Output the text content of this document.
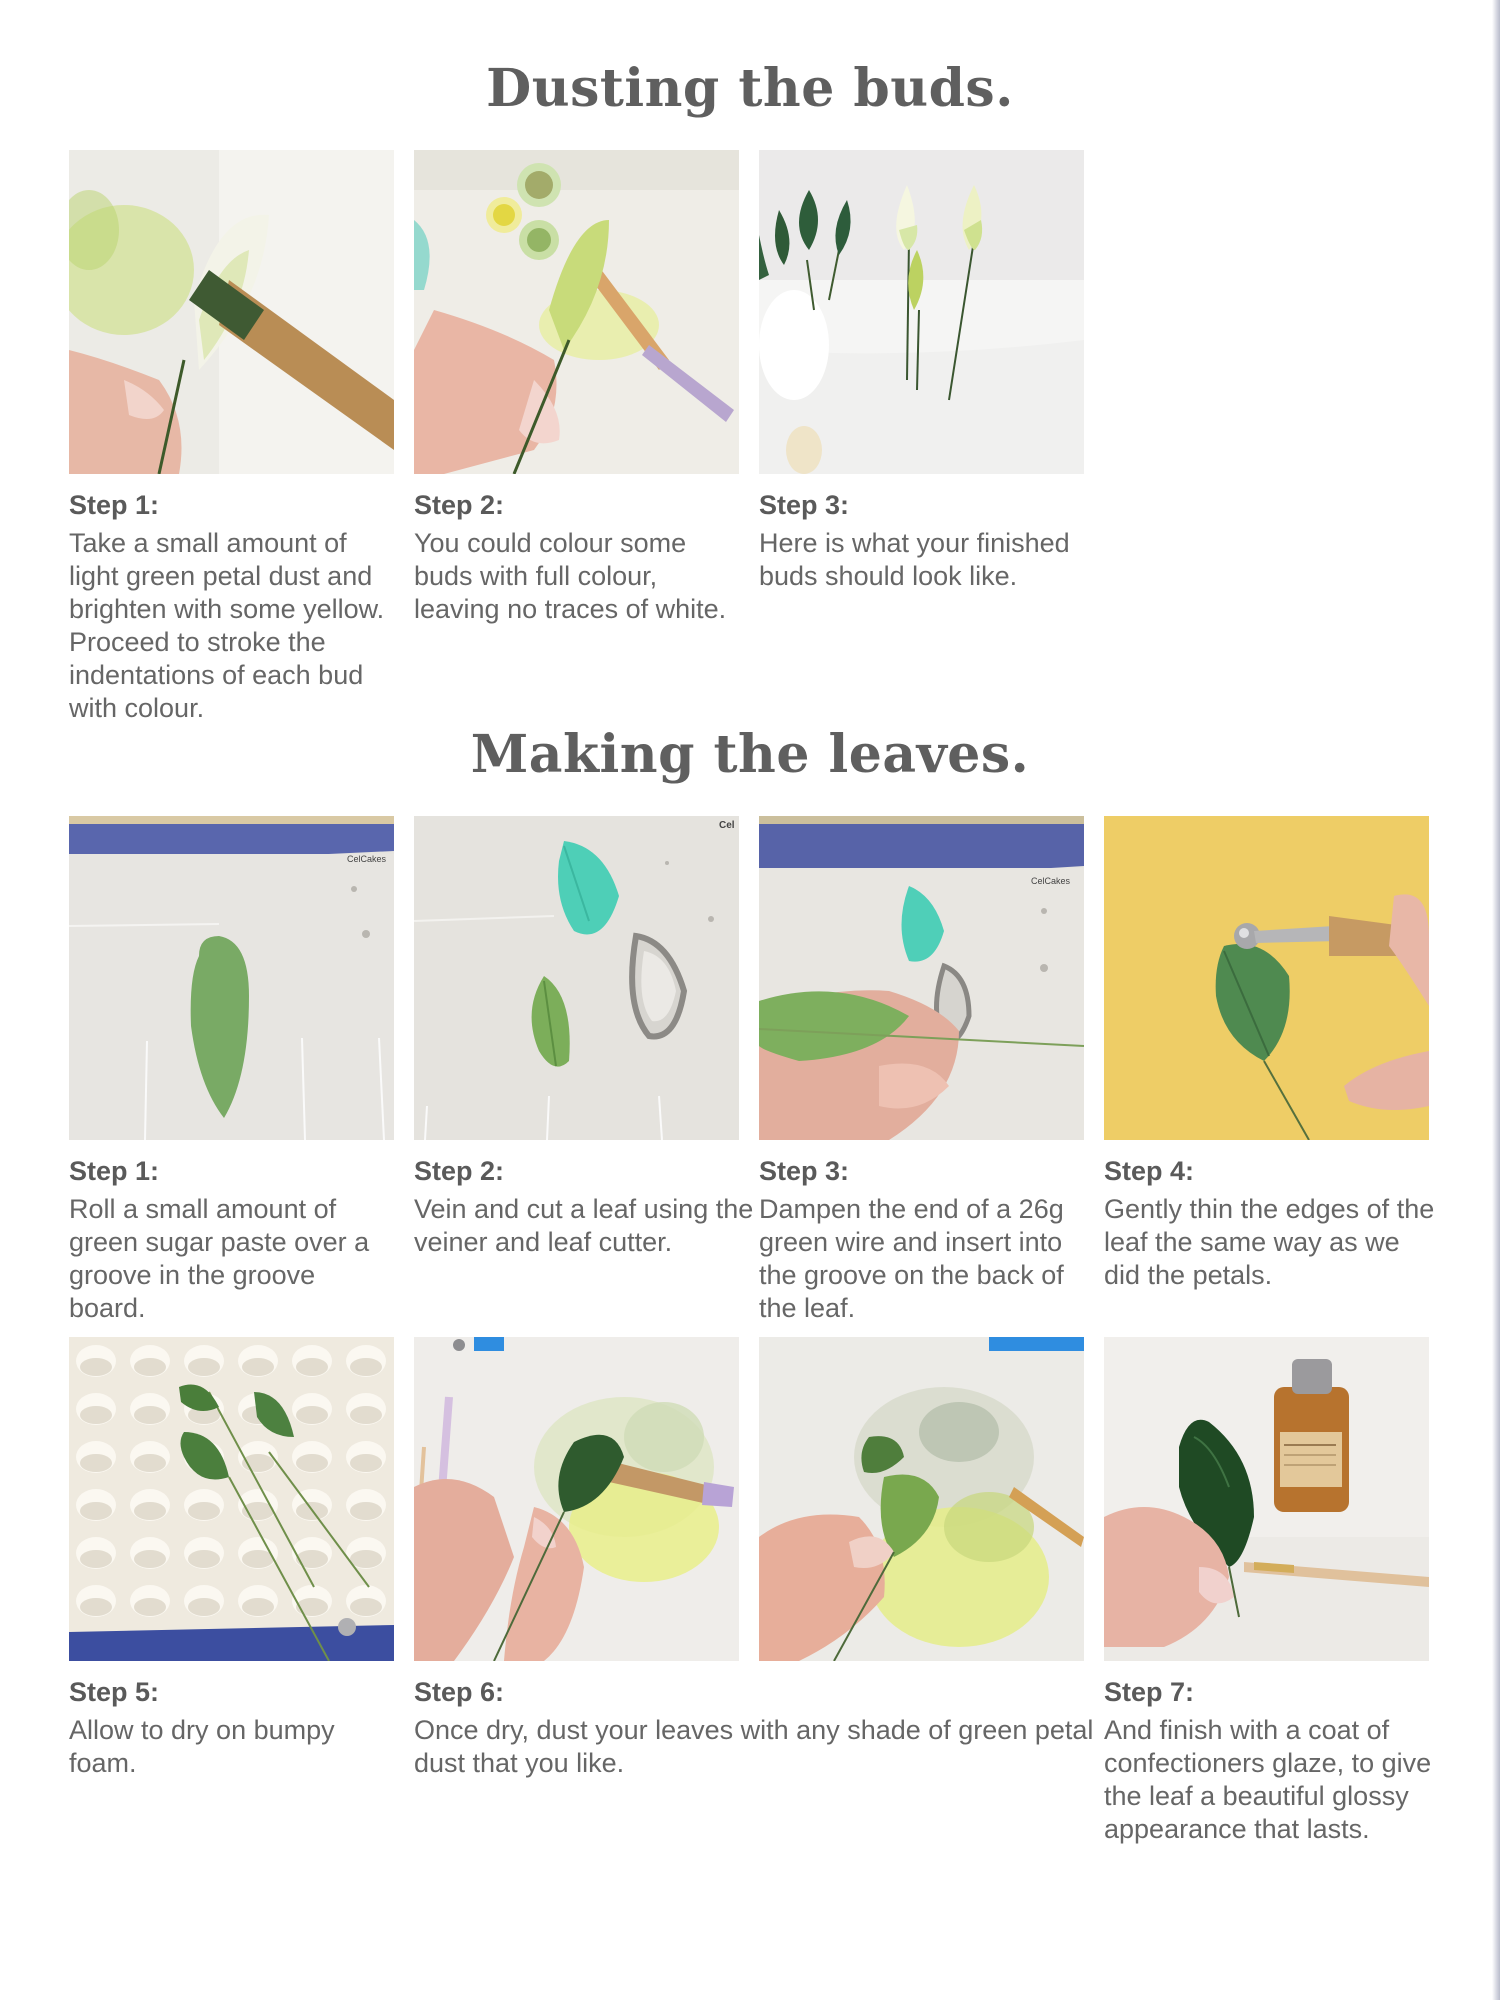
Dusting the buds.
Step 1:
Take a small amount of light green petal dust and brighten with some yellow. Proceed to stroke the indentations of each bud with colour.
Step 2:
You could colour some buds with full colour, leaving no traces of white.
Step 3:
Here is what your finished buds should look like.
Making the leaves.
CelCakes
Cel
CelCakes
Step 1:
Roll a small amount of green sugar paste over a groove in the groove board.
Step 2:
Vein and cut a leaf using the veiner and leaf cutter.
Step 3:
Dampen the end of a 26g green wire and insert into the groove on the back of the leaf.
Step 4:
Gently thin the edges of the leaf the same way as we did the petals.
Step 5:
Allow to dry on bumpy foam.
Step 6:
Once dry, dust your leaves with any shade of green petal dust that you like.
Step 7:
And finish with a coat of confectioners glaze, to give the leaf a beautiful glossy appearance that lasts.
